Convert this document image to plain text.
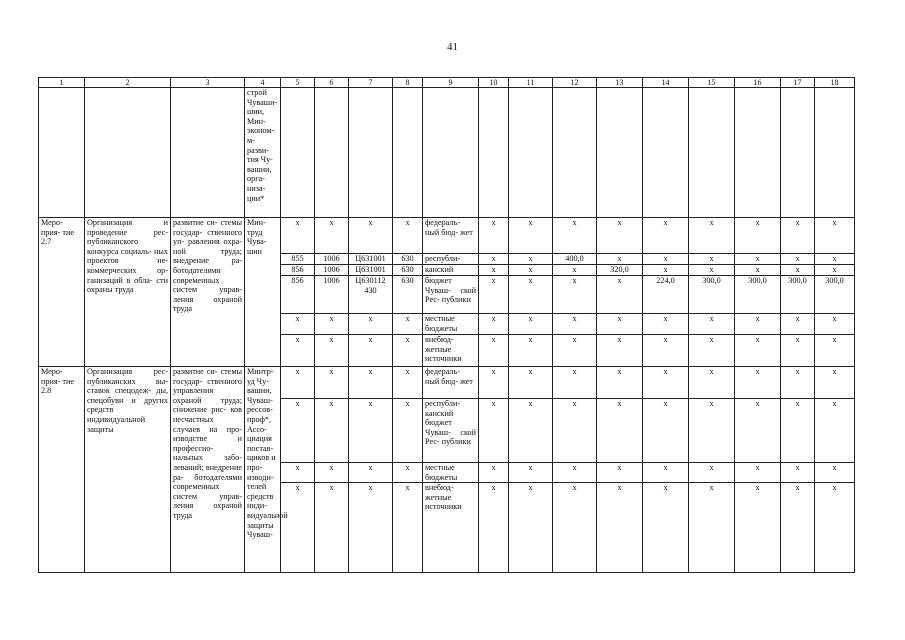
41
1	2	3	4	5	6	7	8	9	10	11	12	13	14	15	16	17	18
			строй Чуваши- шии, Мин- эконом- м- разви- тия Чу- вашии, орга- низа- ции*														
Меро- прия- тие 2.7	Организация и проведение рес- публиканского конкурса социаль- ных проектов не- коммерческих ор- ганизаций в обла- сти охраны труда	развитие си- стемы государ- ственного уп- равления охра- ной труда; внедрение ра- ботодателями современных систем управ- ления охраной труда	Мин- труд Чува- шии	x	x	x	x	федераль- ный бюд- жет	x	x	x	x	x	x	x	x	x
				855	1006	Ц631001	630	республи-	x	x	400,0	x	x	x	x	x	x
				856	1006	Ц631001	630	канский	x	x	x	320,0	x	x	x	x	x
				856	1006	Ц630112 430	630	бюджет Чуваш- ской Рес- публики	x	x	x	x	224,0	300,0	300,0	300,0	300,0
				x	x	x	x	местные бюджеты	x	x	x	x	x	x	x	x	x
				x	x	x	x	внебюд- жетные источники	x	x	x	x	x	x	x	x	x
Меро- прия- тие 2.8	Организация рес- публиканских вы- ставок спецодеж- ды, спецобуви и других средств индивидуальной защиты	развитие си- стемы государ- ственного управления охраной труда; снижение рис- ков несчастных случаев на про- изводстве и профессио- нальных забо- леваний; внедрение ра- ботодателями современных систем управ- ления охраной труда	Минтр- уд Чу- вашии, Чуваш- рессов- проф*, Ассо- циация постав- щиков и про- изводи- телей средств инди- видуальной защиты Чуваш-	x	x	x	x	федераль- ный бюд- жет	x	x	x	x	x	x	x	x	x
				x	x	x	x	республи- канский бюджет Чуваш- ской Рес- публики	x	x	x	x	x	x	x	x	x
				x	x	x	x	местные бюджеты	x	x	x	x	x	x	x	x	x
				x	x	x	x	внебюд- жетные источники	x	x	x	x	x	x	x	x	x
